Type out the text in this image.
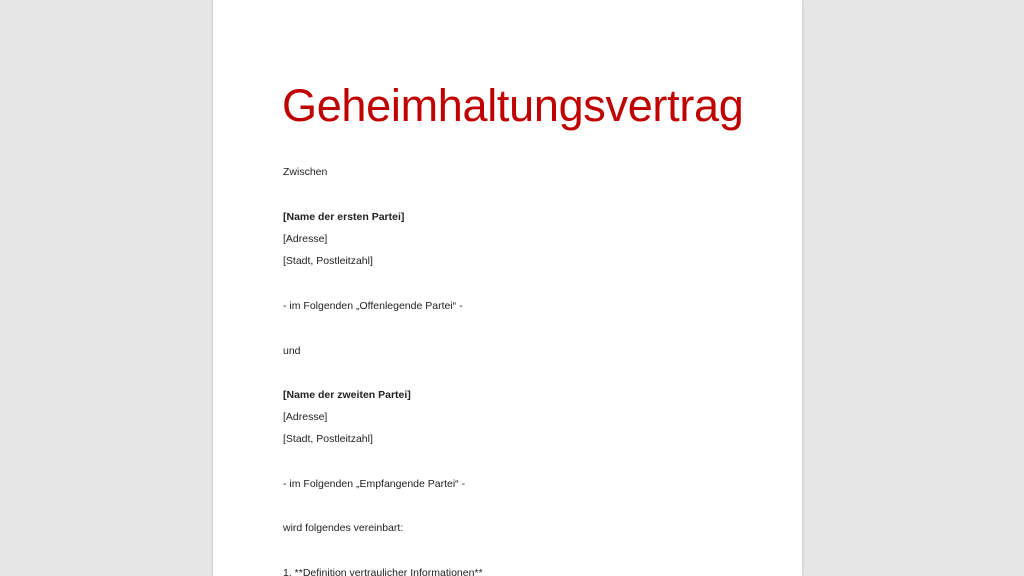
Geheimhaltungsvertrag
Zwischen
[Name der ersten Partei]
[Adresse]
[Stadt, Postleitzahl]
- im Folgenden „Offenlegende Partei“ -
und
[Name der zweiten Partei]
[Adresse]
[Stadt, Postleitzahl]
- im Folgenden „Empfangende Partei“ -
wird folgendes vereinbart:
1. **Definition vertraulicher Informationen**
